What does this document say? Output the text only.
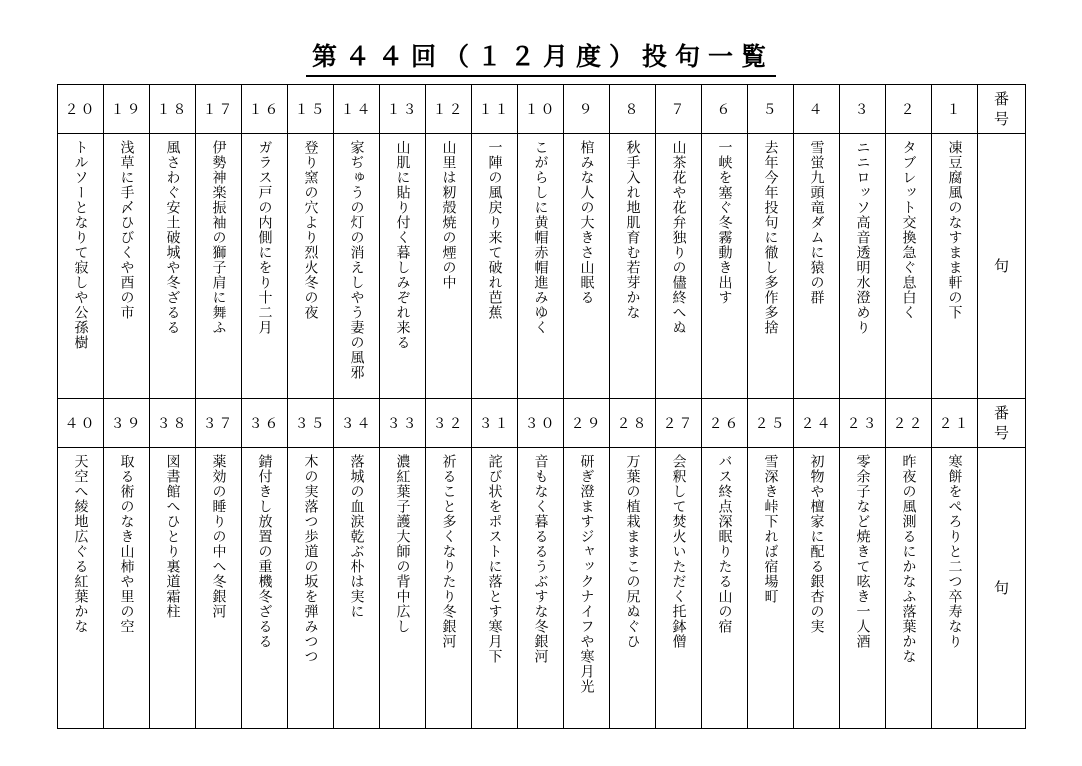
第４４回（１２月度）投句一覧
２０	１９	１８	１７	１６	１５	１４	１３	１２	１１	１０	９	８	７	６	５	４	３	２	１	番号
トルソーとなりて寂しや公孫樹	浅草に手〆ひびくや酉の市	風さわぐ安土破城や冬ざるる	伊勢神楽振袖の獅子肩に舞ふ	ガラス戸の内側にをり十二月	登り窯の穴より烈火冬の夜	家ぢゅうの灯の消えしやう妻の風邪	山肌に貼り付く暮しみぞれ来る	山里は籾殻焼の煙の中	一陣の風戻り来て破れ芭蕉	こがらしに黄帽赤帽進みゆく	棺みな人の大きさ山眠る	秋手入れ地肌育む若芽かな	山茶花や花弁独りの儘終へぬ	一峡を塞ぐ冬霧動き出す	去年今年投句に徹し多作多捨	雪蛍九頭竜ダムに猿の群	ニニロッソ高音透明水澄めり	タブレット交換急ぐ息白く	凍豆腐風のなすまま軒の下	句
４０	３９	３８	３７	３６	３５	３４	３３	３２	３１	３０	２９	２８	２７	２６	２５	２４	２３	２２	２１	番号
天空へ綾地広ぐる紅葉かな	取る術のなき山柿や里の空	図書館へひとり裏道霜柱	薬効の睡りの中へ冬銀河	錆付きし放置の重機冬ざるる	木の実落つ歩道の坂を弾みつつ	落城の血涙乾ぶ朴は実に	濃紅葉子護大師の背中広し	祈ること多くなりたり冬銀河	詫び状をポストに落とす寒月下	音もなく暮るるうぶすな冬銀河	研ぎ澄ますジャックナイフや寒月光	万葉の植栽ままこの尻ぬぐひ	会釈して焚火いただく托鉢僧	バス終点深眠りたる山の宿	雪深き峠下れば宿場町	初物や檀家に配る銀杏の実	零余子など焼きて呟き一人酒	昨夜の風測るにかなふ落葉かな	寒餅をぺろりと二つ卒寿なり	句
